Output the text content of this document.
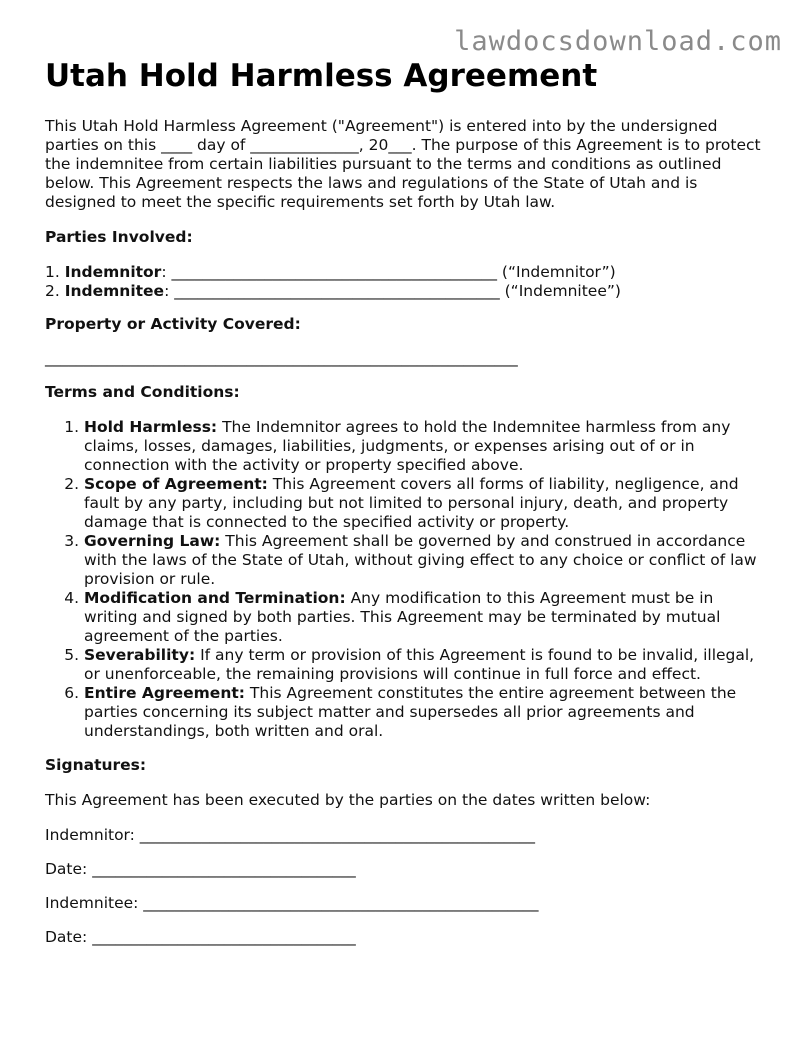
lawdocsdownload.com
Utah Hold Harmless Agreement

This Utah Hold Harmless Agreement ("Agreement") is entered into by the undersigned parties on this ____ day of ______________, 20___. The purpose of this Agreement is to protect the indemnitee from certain liabilities pursuant to the terms and conditions as outlined below. This Agreement respects the laws and regulations of the State of Utah and is designed to meet the specific requirements set forth by Utah law.

Parties Involved:

1. Indemnitor: __________________________________________ (“Indemnitor”)
2. Indemnitee: __________________________________________ (“Indemnitee”)

Property or Activity Covered:

_____________________________________________________________

Terms and Conditions:

1. Hold Harmless: The Indemnitor agrees to hold the Indemnitee harmless from any claims, losses, damages, liabilities, judgments, or expenses arising out of or in connection with the activity or property specified above.
2. Scope of Agreement: This Agreement covers all forms of liability, negligence, and fault by any party, including but not limited to personal injury, death, and property damage that is connected to the specified activity or property.
3. Governing Law: This Agreement shall be governed by and construed in accordance with the laws of the State of Utah, without giving effect to any choice or conflict of law provision or rule.
4. Modification and Termination: Any modification to this Agreement must be in writing and signed by both parties. This Agreement may be terminated by mutual agreement of the parties.
5. Severability: If any term or provision of this Agreement is found to be invalid, illegal, or unenforceable, the remaining provisions will continue in full force and effect.
6. Entire Agreement: This Agreement constitutes the entire agreement between the parties concerning its subject matter and supersedes all prior agreements and understandings, both written and oral.

Signatures:

This Agreement has been executed by the parties on the dates written below:

Indemnitor: ___________________________________________________
Date: __________________________________
Indemnitee: ___________________________________________________
Date: __________________________________
